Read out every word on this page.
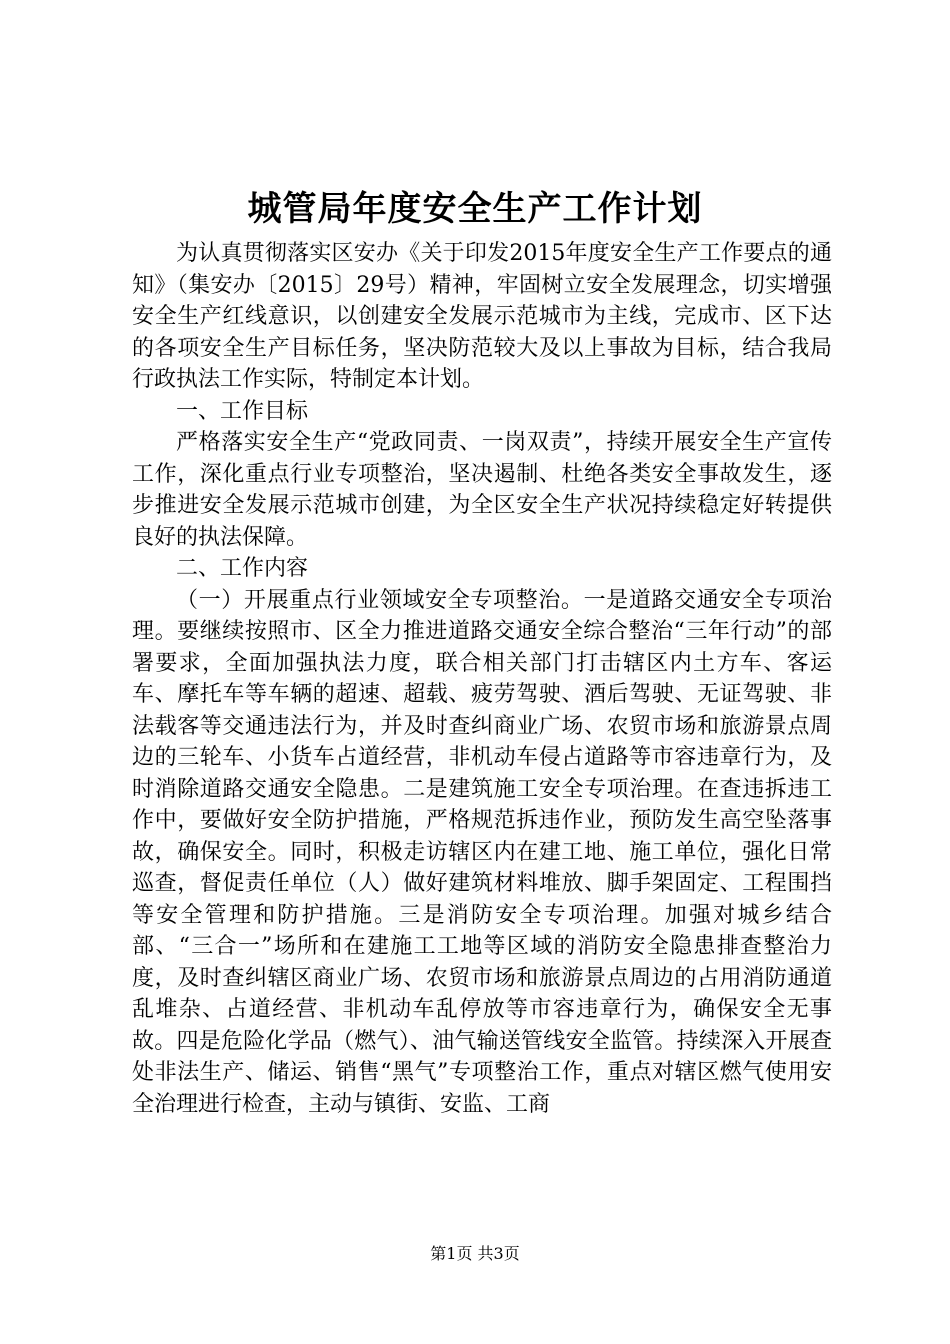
城管局年度安全生产工作计划

为认真贯彻落实区安办《关于印发2015年度安全生产工作要点的通知》（集安办〔2015〕29号）精神，牢固树立安全发展理念，切实增强安全生产红线意识，以创建安全发展示范城市为主线，完成市、区下达的各项安全生产目标任务，坚决防范较大及以上事故为目标，结合我局行政执法工作实际，特制定本计划。

一、工作目标

严格落实安全生产“党政同责、一岗双责”，持续开展安全生产宣传工作，深化重点行业专项整治，坚决遏制、杜绝各类安全事故发生，逐步推进安全发展示范城市创建，为全区安全生产状况持续稳定好转提供良好的执法保障。

二、工作内容

（一）开展重点行业领域安全专项整治。一是道路交通安全专项治理。要继续按照市、区全力推进道路交通安全综合整治“三年行动”的部署要求，全面加强执法力度，联合相关部门打击辖区内土方车、客运车、摩托车等车辆的超速、超载、疲劳驾驶、酒后驾驶、无证驾驶、非法载客等交通违法行为，并及时查纠商业广场、农贸市场和旅游景点周边的三轮车、小货车占道经营，非机动车侵占道路等市容违章行为，及时消除道路交通安全隐患。二是建筑施工安全专项治理。在查违拆违工作中，要做好安全防护措施，严格规范拆违作业，预防发生高空坠落事故，确保安全。同时，积极走访辖区内在建工地、施工单位，强化日常巡查，督促责任单位（人）做好建筑材料堆放、脚手架固定、工程围挡等安全管理和防护措施。三是消防安全专项治理。加强对城乡结合部、“三合一”场所和在建施工工地等区域的消防安全隐患排查整治力度，及时查纠辖区商业广场、农贸市场和旅游景点周边的占用消防通道乱堆杂、占道经营、非机动车乱停放等市容违章行为，确保安全无事故。四是危险化学品（燃气）、油气输送管线安全监管。持续深入开展查处非法生产、储运、销售“黑气”专项整治工作，重点对辖区燃气使用安全治理进行检查，主动与镇街、安监、工商

第1页 共3页
